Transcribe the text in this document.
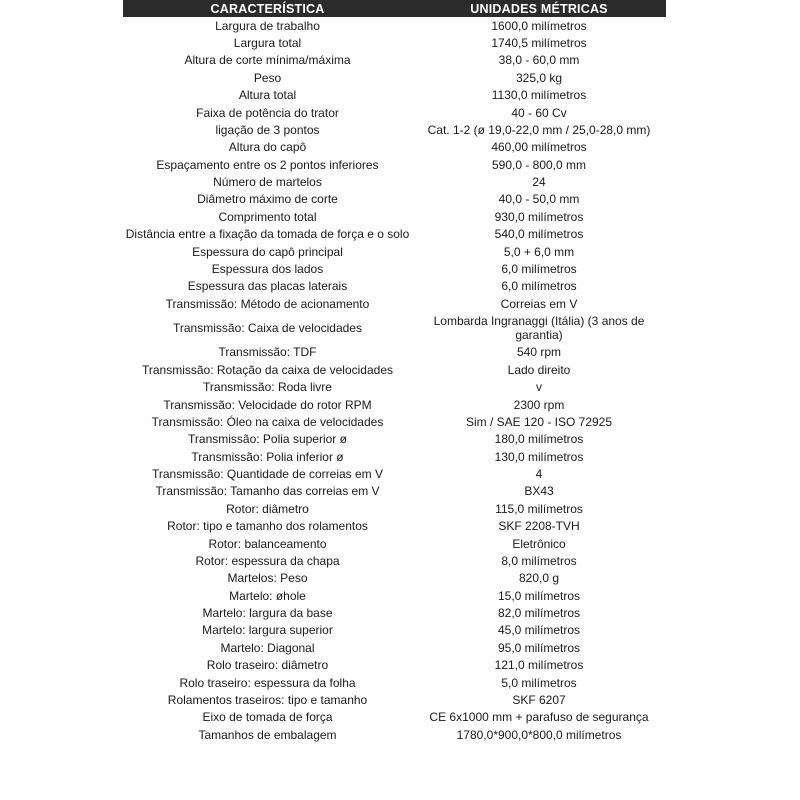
CARACTERÍSTICA	UNIDADES MÉTRICAS
Largura de trabalho	1600,0 milímetros
Largura total	1740,5 milímetros
Altura de corte mínima/máxima	38,0 - 60,0 mm
Peso	325,0 kg
Altura total	1130,0 milímetros
Faixa de potência do trator	40 - 60 Cv
ligação de 3 pontos	Cat. 1-2 (ø 19,0-22,0 mm / 25,0-28,0 mm)
Altura do capô	460,00 milímetros
Espaçamento entre os 2 pontos inferiores	590,0 - 800,0 mm
Número de martelos	24
Diâmetro máximo de corte	40,0 - 50,0 mm
Comprimento total	930,0 milímetros
Distância entre a fixação da tomada de força e o solo	540,0 milímetros
Espessura do capô principal	5,0 + 6,0 mm
Espessura dos lados	6,0 milímetros
Espessura das placas laterais	6,0 milímetros
Transmissão: Método de acionamento	Correias em V
Transmissão: Caixa de velocidades	Lombarda Ingranaggi (Itália) (3 anos de garantia)
Transmissão: TDF	540 rpm
Transmissão: Rotação da caixa de velocidades	Lado direito
Transmissão: Roda livre	v
Transmissão: Velocidade do rotor RPM	2300 rpm
Transmissão: Óleo na caixa de velocidades	Sim / SAE 120 - ISO 72925
Transmissão: Polia superior ø	180,0 milímetros
Transmissão: Polia inferior ø	130,0 milímetros
Transmissão: Quantidade de correias em V	4
Transmissão: Tamanho das correias em V	BX43
Rotor: diâmetro	115,0 milímetros
Rotor: tipo e tamanho dos rolamentos	SKF 2208-TVH
Rotor: balanceamento	Eletrônico
Rotor: espessura da chapa	8,0 milímetros
Martelos: Peso	820,0 g
Martelo: øhole	15,0 milímetros
Martelo: largura da base	82,0 milímetros
Martelo: largura superior	45,0 milímetros
Martelo: Diagonal	95,0 milímetros
Rolo traseiro: diâmetro	121,0 milímetros
Rolo traseiro: espessura da folha	5,0 milímetros
Rolamentos traseiros: tipo e tamanho	SKF 6207
Eixo de tomada de força	CE 6x1000 mm + parafuso de segurança
Tamanhos de embalagem	1780,0*900,0*800,0 milímetros
